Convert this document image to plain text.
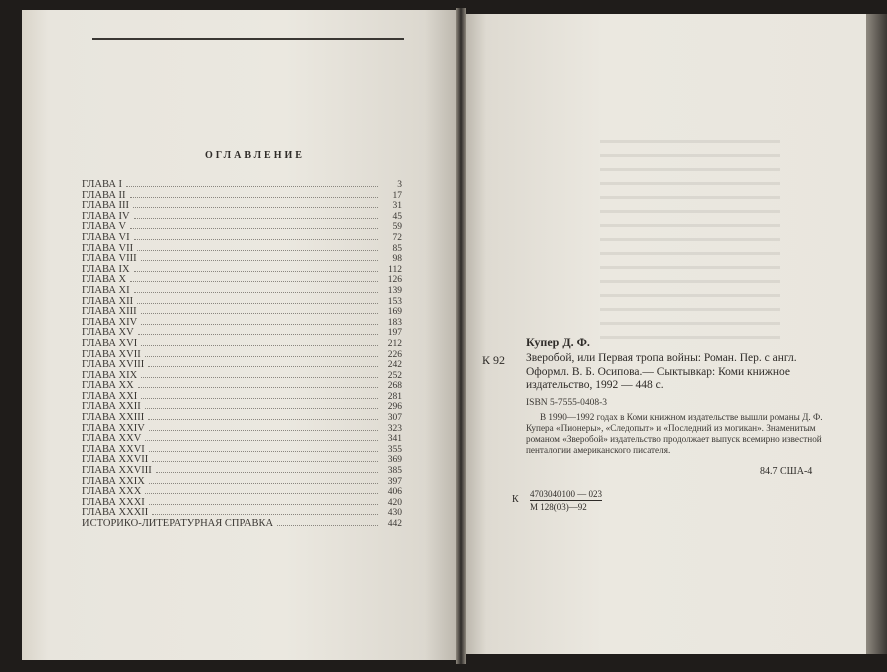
ОГЛАВЛЕНИЕ
ГЛАВА I	3
ГЛАВА II	17
ГЛАВА III	31
ГЛАВА IV	45
ГЛАВА V	59
ГЛАВА VI	72
ГЛАВА VII	85
ГЛАВА VIII	98
ГЛАВА IX	112
ГЛАВА X	126
ГЛАВА XI	139
ГЛАВА XII	153
ГЛАВА XIII	169
ГЛАВА XIV	183
ГЛАВА XV	197
ГЛАВА XVI	212
ГЛАВА XVII	226
ГЛАВА XVIII	242
ГЛАВА XIX	252
ГЛАВА XX	268
ГЛАВА XXI	281
ГЛАВА XXII	296
ГЛАВА XXIII	307
ГЛАВА XXIV	323
ГЛАВА XXV	341
ГЛАВА XXVI	355
ГЛАВА XXVII	369
ГЛАВА XXVIII	385
ГЛАВА XXIX	397
ГЛАВА XXX	406
ГЛАВА XXXI	420
ГЛАВА XXXII	430
ИСТОРИКО-ЛИТЕРАТУРНАЯ СПРАВКА	442
Купер Д. Ф.
К 92 Зверобой, или Первая тропа войны: Роман. Пер. с англ. Оформл. В. Б. Осипова.— Сыктывкар: Коми книжное издательство, 1992 — 448 с.
ISBN 5-7555-0408-3
В 1990—1992 годах в Коми книжном издательстве вышли романы Д. Ф. Купера «Пионеры», «Следопыт» и «Последний из могикан». Знаменитым романом «Зверобой» издательство продолжает выпуск всемирно известной пенталогии американского писателя.
84.7 США-4
К 4703040100 — 023
М 128(03)—92
